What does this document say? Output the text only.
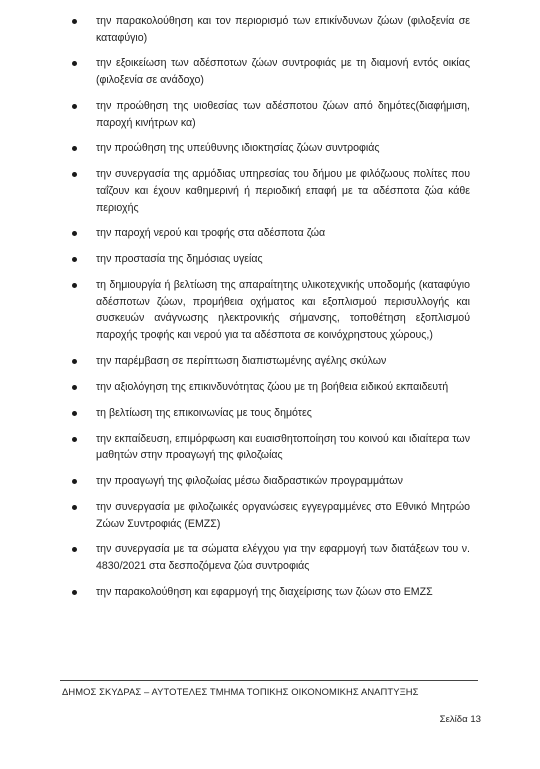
την παρακολούθηση και τον περιορισμό των επικίνδυνων ζώων (φιλοξενία σε καταφύγιο)
την εξοικείωση των αδέσποτων ζώων συντροφιάς με τη διαμονή εντός οικίας (φιλοξενία σε ανάδοχο)
την προώθηση της υιοθεσίας των αδέσποτου ζώων από δημότες(διαφήμιση, παροχή κινήτρων κα)
την προώθηση της υπεύθυνης ιδιοκτησίας ζώων συντροφιάς
την συνεργασία της αρμόδιας υπηρεσίας του δήμου με φιλόζωους πολίτες που ταΐζουν και έχουν καθημερινή ή περιοδική επαφή με τα αδέσποτα ζώα κάθε περιοχής
την παροχή νερού και τροφής στα αδέσποτα ζώα
την προστασία της δημόσιας υγείας
τη δημιουργία ή βελτίωση της απαραίτητης υλικοτεχνικής υποδομής (καταφύγιο αδέσποτων ζώων, προμήθεια οχήματος και εξοπλισμού περισυλλογής και συσκευών ανάγνωσης ηλεκτρονικής σήμανσης, τοποθέτηση εξοπλισμού παροχής τροφής και νερού για τα αδέσποτα σε κοινόχρηστους χώρους,)
την παρέμβαση σε περίπτωση διαπιστωμένης αγέλης σκύλων
την αξιολόγηση της επικινδυνότητας ζώου με τη βοήθεια ειδικού εκπαιδευτή
τη βελτίωση της επικοινωνίας με τους δημότες
την εκπαίδευση, επιμόρφωση και ευαισθητοποίηση του κοινού και ιδιαίτερα των μαθητών στην προαγωγή της φιλοζωίας
την προαγωγή της φιλοζωίας μέσω διαδραστικών προγραμμάτων
την συνεργασία με φιλοζωικές οργανώσεις εγγεγραμμένες στο Εθνικό Μητρώο Ζώων Συντροφιάς (ΕΜΖΣ)
την συνεργασία με τα σώματα ελέγχου για την εφαρμογή των διατάξεων του ν. 4830/2021 στα δεσποζόμενα ζώα συντροφιάς
την παρακολούθηση και εφαρμογή της διαχείρισης των ζώων στο ΕΜΖΣ
ΔΗΜΟΣ ΣΚΥΔΡΑΣ – ΑΥΤΟΤΕΛΕΣ ΤΜΗΜΑ ΤΟΠΙΚΗΣ ΟΙΚΟΝΟΜΙΚΗΣ ΑΝΑΠΤΥΞΗΣ
Σελίδα 13
